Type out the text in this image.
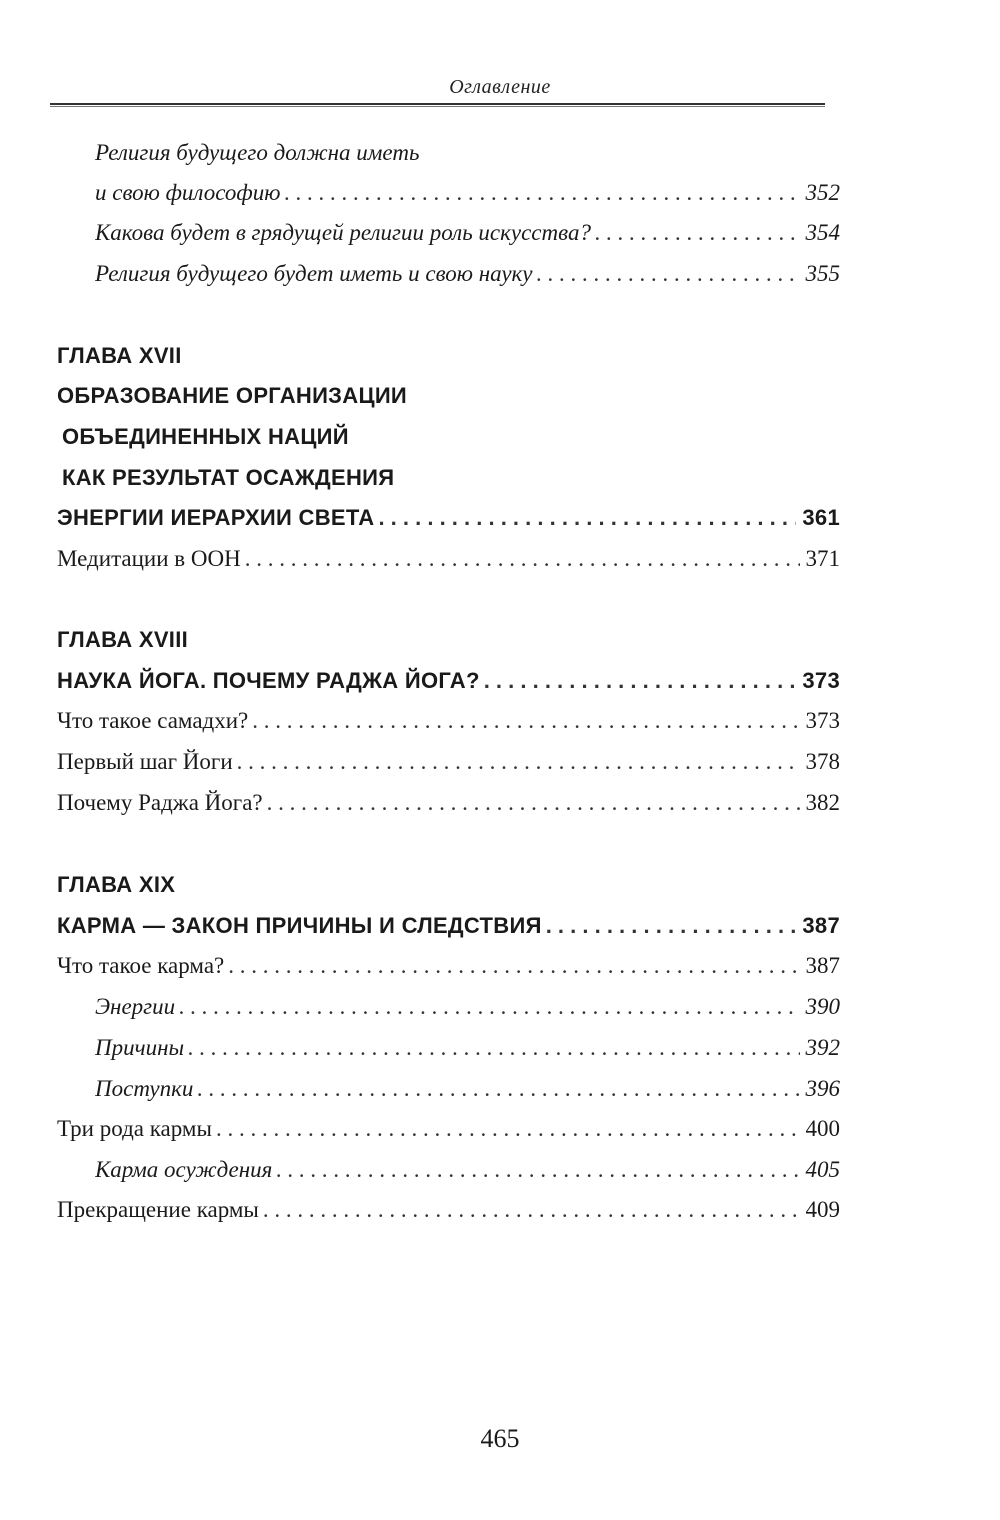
Оглавление
Религия будущего должна иметь
и свою философию . . .	352
Какова будет в грядущей религии роль искусства? . . .	354
Религия будущего будет иметь и свою науку . . .	355
ГЛАВА XVII
ОБРАЗОВАНИЕ ОРГАНИЗАЦИИ
ОБЪЕДИНЕННЫХ НАЦИЙ
КАК РЕЗУЛЬТАТ ОСАЖДЕНИЯ
ЭНЕРГИИ ИЕРАРХИИ СВЕТА . . .	361
Медитации в ООН . . .	371
ГЛАВА XVIII
НАУКА ЙОГА. ПОЧЕМУ РАДЖА ЙОГА? . . .	373
Что такое самадхи? . . .	373
Первый шаг Йоги . . .	378
Почему Раджа Йога? . . .	382
ГЛАВА XIX
КАРМА — ЗАКОН ПРИЧИНЫ И СЛЕДСТВИЯ . . .	387
Что такое карма? . . .	387
Энергии . . .	390
Причины . . .	392
Поступки . . .	396
Три рода кармы . . .	400
Карма осуждения . . .	405
Прекращение кармы . . .	409
465
